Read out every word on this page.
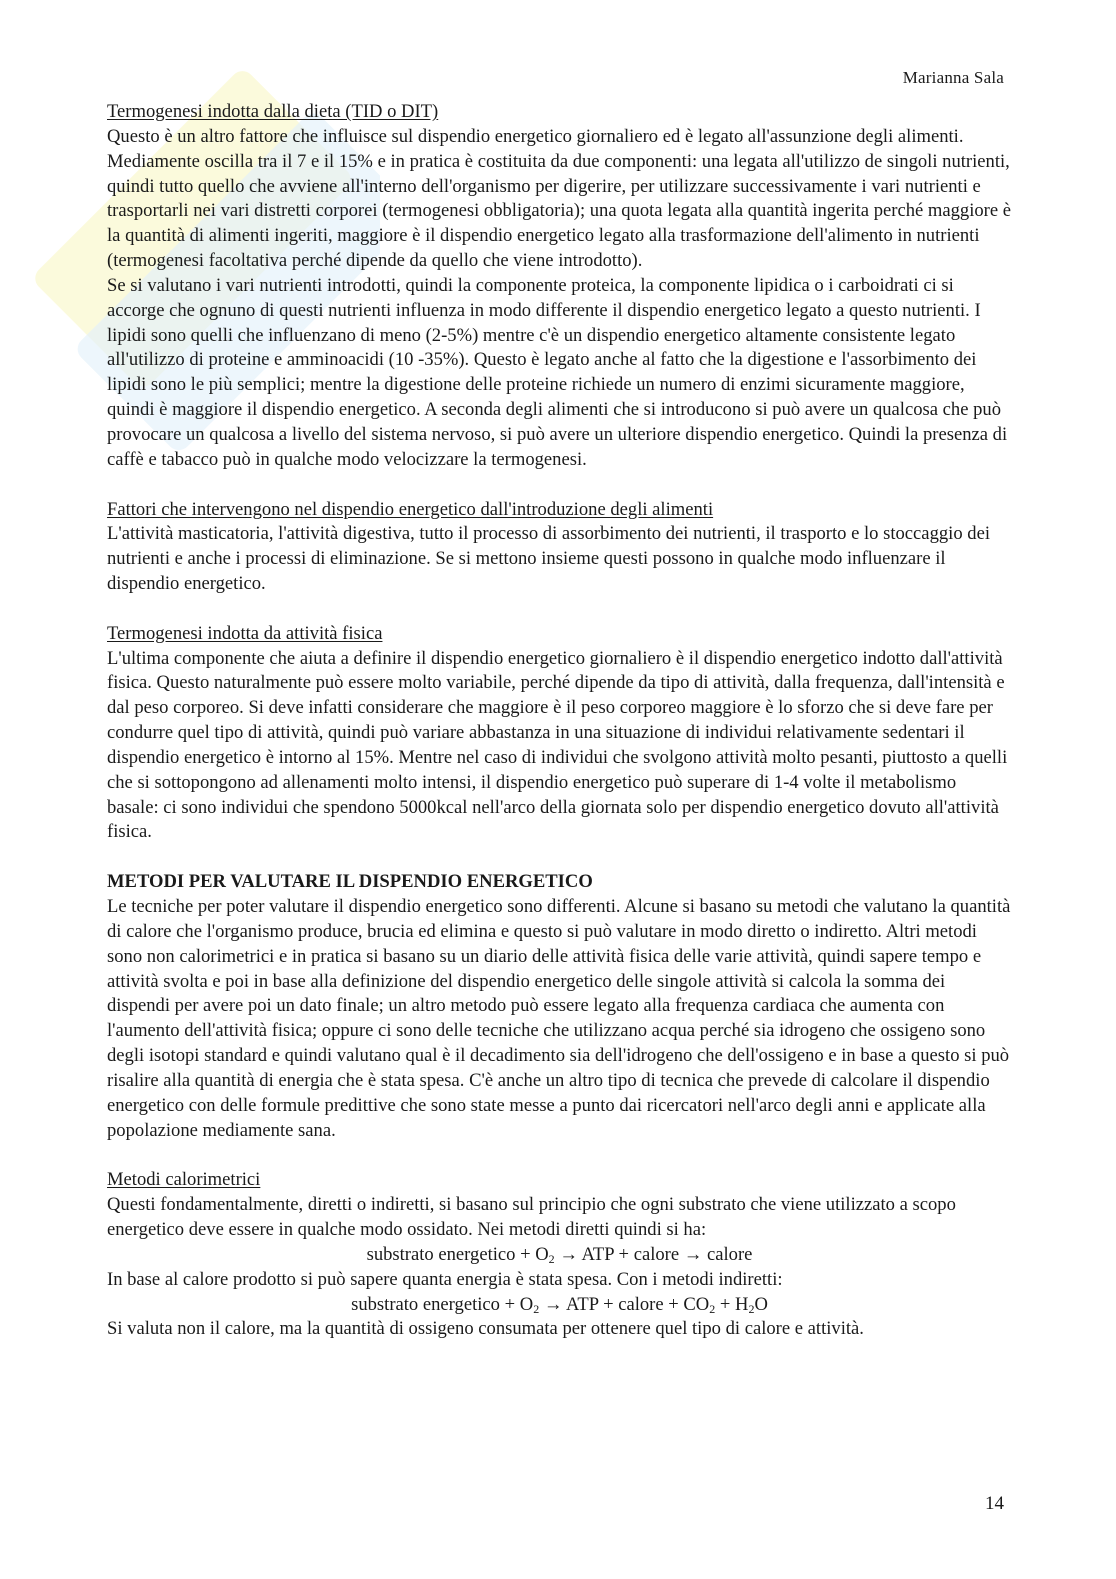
Marianna Sala

Termogenesi indotta dalla dieta (TID o DIT)

Questo è un altro fattore che influisce sul dispendio energetico giornaliero ed è legato all'assunzione degli alimenti. Mediamente oscilla tra il 7 e il 15% e in pratica è costituita da due componenti: una legata all'utilizzo de singoli nutrienti, quindi tutto quello che avviene all'interno dell'organismo per digerire, per utilizzare successivamente i vari nutrienti e trasportarli nei vari distretti corporei (termogenesi obbligatoria); una quota legata alla quantità ingerita perché maggiore è la quantità di alimenti ingeriti, maggiore è il dispendio energetico legato alla trasformazione dell'alimento in nutrienti (termogenesi facoltativa perché dipende da quello che viene introdotto).

Se si valutano i vari nutrienti introdotti, quindi la componente proteica, la componente lipidica o i carboidrati ci si accorge che ognuno di questi nutrienti influenza in modo differente il dispendio energetico legato a questo nutrienti. I lipidi sono quelli che influenzano di meno (2-5%) mentre c'è un dispendio energetico altamente consistente legato all'utilizzo di proteine e amminoacidi (10 -35%). Questo è legato anche al fatto che la digestione e l'assorbimento dei lipidi sono le più semplici; mentre la digestione delle proteine richiede un numero di enzimi sicuramente maggiore, quindi è maggiore il dispendio energetico. A seconda degli alimenti che si introducono si può avere un qualcosa che può provocare un qualcosa a livello del sistema nervoso, si può avere un ulteriore dispendio energetico. Quindi la presenza di caffè e tabacco può in qualche modo velocizzare la termogenesi.

Fattori che intervengono nel dispendio energetico dall'introduzione degli alimenti

L'attività masticatoria, l'attività digestiva, tutto il processo di assorbimento dei nutrienti, il trasporto e lo stoccaggio dei nutrienti e anche i processi di eliminazione. Se si mettono insieme questi possono in qualche modo influenzare il dispendio energetico.

Termogenesi indotta da attività fisica

L'ultima componente che aiuta a definire il dispendio energetico giornaliero è il dispendio energetico indotto dall'attività fisica. Questo naturalmente può essere molto variabile, perché dipende da tipo di attività, dalla frequenza, dall'intensità e dal peso corporeo. Si deve infatti considerare che maggiore è il peso corporeo maggiore è lo sforzo che si deve fare per condurre quel tipo di attività, quindi può variare abbastanza in una situazione di individui relativamente sedentari il dispendio energetico è intorno al 15%. Mentre nel caso di individui che svolgono attività molto pesanti, piuttosto a quelli che si sottopongono ad allenamenti molto intensi, il dispendio energetico può superare di 1-4 volte il metabolismo basale: ci sono individui che spendono 5000kcal nell'arco della giornata solo per dispendio energetico dovuto all'attività fisica.

METODI PER VALUTARE IL DISPENDIO ENERGETICO

Le tecniche per poter valutare il dispendio energetico sono differenti. Alcune si basano su metodi che valutano la quantità di calore che l'organismo produce, brucia ed elimina e questo si può valutare in modo diretto o indiretto. Altri metodi sono non calorimetrici e in pratica si basano su un diario delle attività fisica delle varie attività, quindi sapere tempo e attività svolta e poi in base alla definizione del dispendio energetico delle singole attività si calcola la somma dei dispendi per avere poi un dato finale; un altro metodo può essere legato alla frequenza cardiaca che aumenta con l'aumento dell'attività fisica; oppure ci sono delle tecniche che utilizzano acqua perché sia idrogeno che ossigeno sono degli isotopi standard e quindi valutano qual è il decadimento sia dell'idrogeno che dell'ossigeno e in base a questo si può risalire alla quantità di energia che è stata spesa. C'è anche un altro tipo di tecnica che prevede di calcolare il dispendio energetico con delle formule predittive che sono state messe a punto dai ricercatori nell'arco degli anni e applicate alla popolazione mediamente sana.

Metodi calorimetrici

Questi fondamentalmente, diretti o indiretti, si basano sul principio che ogni substrato che viene utilizzato a scopo energetico deve essere in qualche modo ossidato. Nei metodi diretti quindi si ha:

substrato energetico + $O_2$ → ATP + calore → calore

In base al calore prodotto si può sapere quanta energia è stata spesa. Con i metodi indiretti:

substrato energetico + $O_2$ → ATP + calore + $CO_2 + H_2O$

Si valuta non il calore, ma la quantità di ossigeno consumata per ottenere quel tipo di calore e attività.

14
